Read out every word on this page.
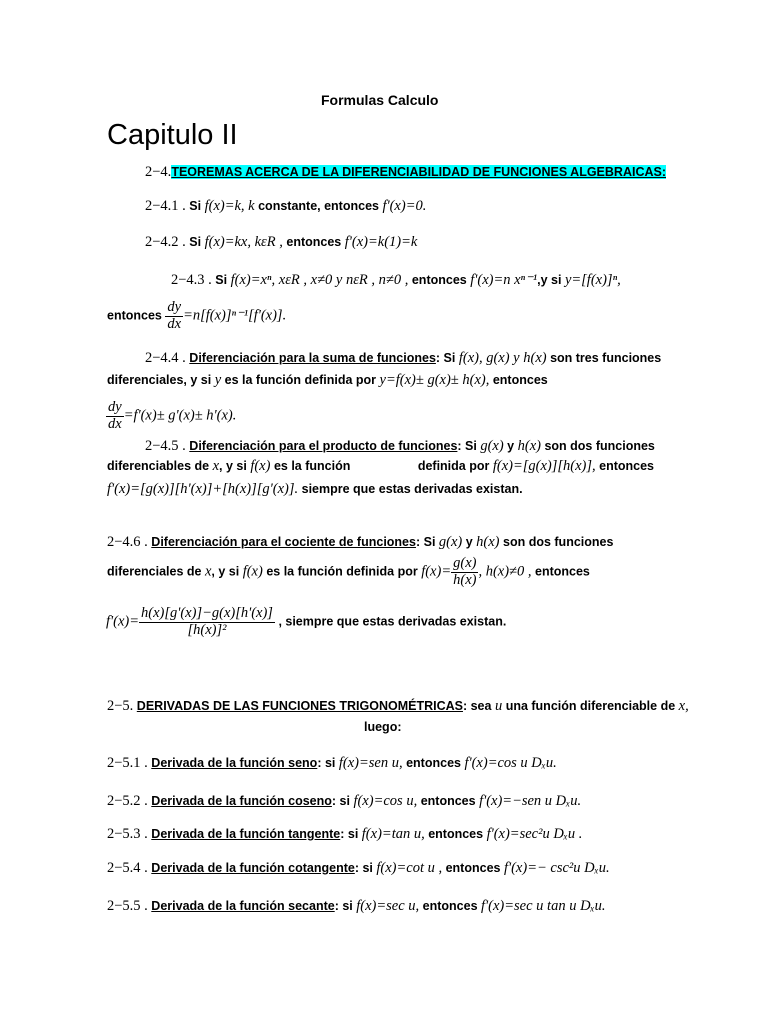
Formulas Calculo
Capitulo II
2−4.TEOREMAS ACERCA DE LA DIFERENCIABILIDAD DE FUNCIONES ALGEBRAICAS:
2−4.1 . Si f(x)=k, k constante, entonces f'(x)=0.
2−4.2 . Si f(x)=kx, kεR , entonces f'(x)=k(1)=k
2−4.3 . Si f(x)=xⁿ, xεR , x≠0 y nεR , n≠0 , entonces f'(x)=n xⁿ⁻¹,y si y=[f(x)]ⁿ,
entonces $\frac{dy}{dx} =n[f(x)]^{n-1}[f'(x)]$.
2−4.4 . Diferenciación para la suma de funciones: Si f(x), g(x) y h(x) son tres funciones
diferenciales, y si y es la función definida por y=f(x)± g(x)± h(x), entonces
$\frac{dy}{dx} =f'(x)\pm g'(x)\pm h'(x)$.
2−4.5 . Diferenciación para el producto de funciones: Si g(x) y h(x) son dos funciones
diferenciables de x, y si f(x) es la función	definida por f(x)=[g(x)][h(x)], entonces
f'(x)=[g(x)][h'(x)]+[h(x)][g'(x)]. siempre que estas derivadas existan.
2−4.6 . Diferenciación para el cociente de funciones: Si g(x) y h(x) son dos funciones
diferenciales de x, y si f(x) es la función definida por $f(x)= \frac{g(x)}{h(x)}$ , h(x)≠0 , entonces
$f'(x)= \frac{h(x)[g'(x)]-g(x)[h'(x)]}{\text{[h(x)]²}}$ , siempre que estas derivadas existan.
2−5. DERIVADAS DE LAS FUNCIONES TRIGONOMÉTRICAS: sea u una función diferenciable de x,
luego:
2−5.1 . Derivada de la función seno: si f(x)=sen u, entonces f'(x)=cos u Dₓu.
2−5.2 . Derivada de la función coseno: si f(x)=cos u, entonces f'(x)=−sen u Dₓu.
2−5.3 . Derivada de la función tangente: si f(x)=tan u, entonces f'(x)=sec²u Dₓu .
2−5.4 . Derivada de la función cotangente: si f(x)=cot u , entonces f'(x)=− csc²u Dₓu.
2−5.5 . Derivada de la función secante: si f(x)=sec u, entonces f'(x)=sec u tan u Dₓu.
